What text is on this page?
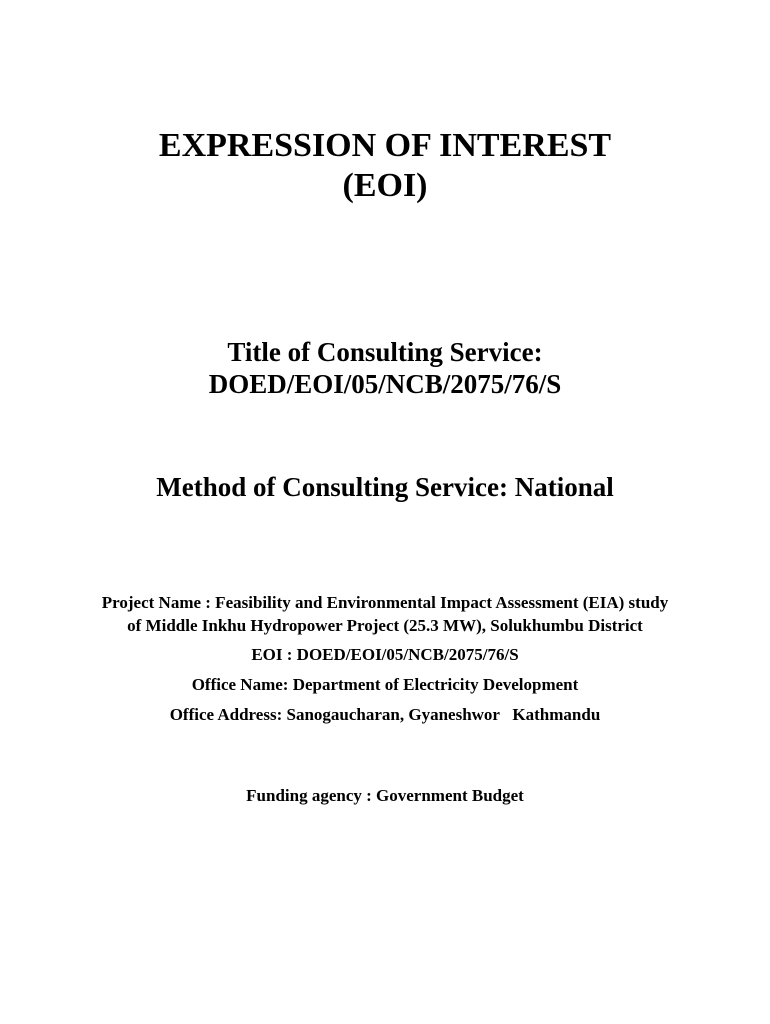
EXPRESSION OF INTEREST
(EOI)
Title of Consulting Service:
DOED/EOI/05/NCB/2075/76/S
Method of Consulting Service: National

Project Name : Feasibility and Environmental Impact Assessment (EIA) study

of Middle Inkhu Hydropower Project (25.3 MW), Solukhumbu District

EOI : DOED/EOI/05/NCB/2075/76/S

Office Name: Department of Electricity Development

Office Address: Sanogaucharan, Gyaneshwor   Kathmandu

Funding agency : Government Budget
